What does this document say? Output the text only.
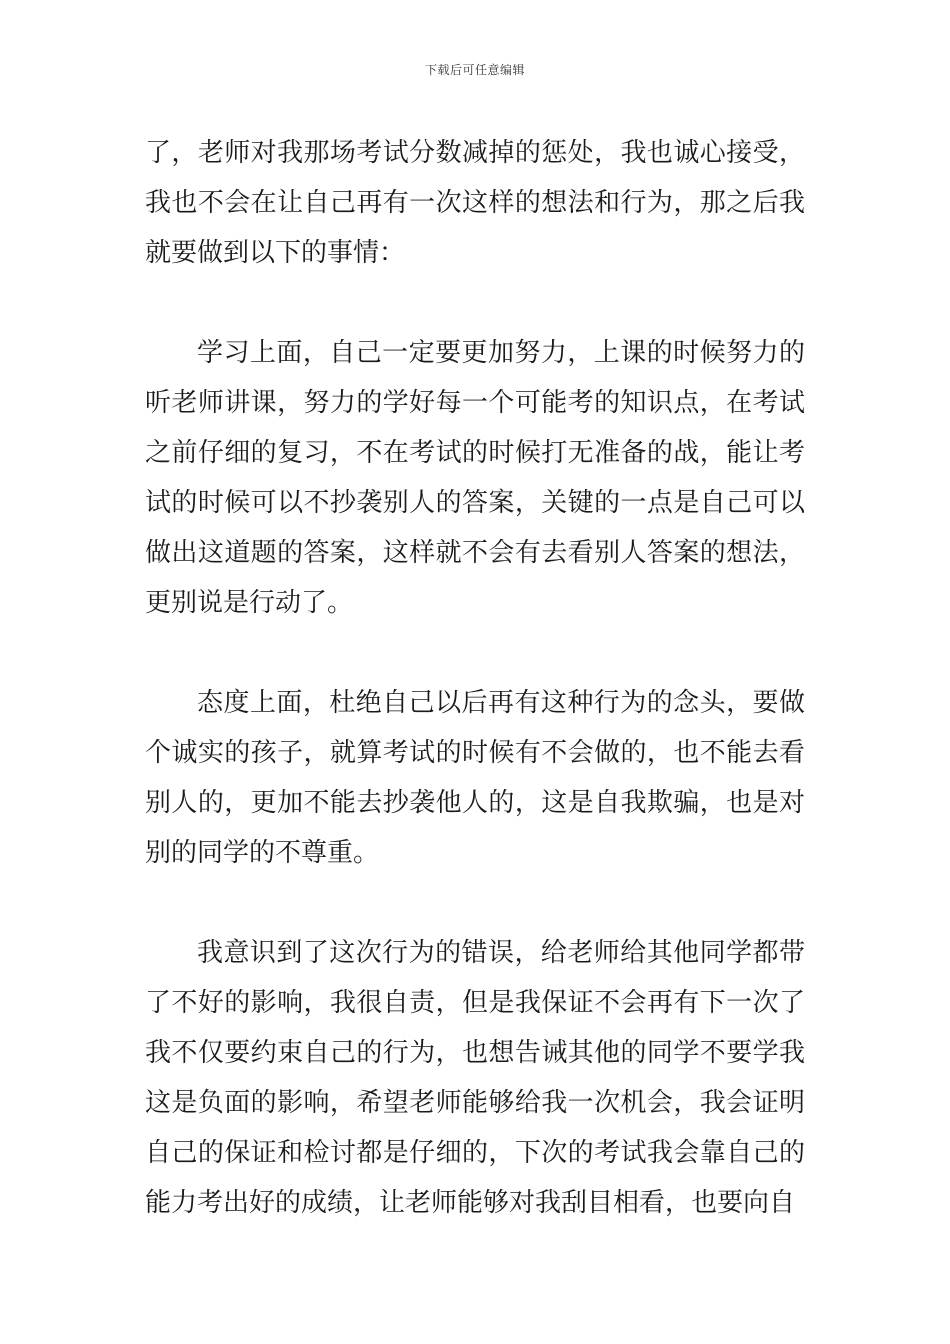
下载后可任意编辑

了，老师对我那场考试分数减掉的惩处，我也诚心接受，我也不会在让自己再有一次这样的想法和行为，那之后我就要做到以下的事情：

学习上面，自己一定要更加努力，上课的时候努力的听老师讲课，努力的学好每一个可能考的知识点，在考试之前仔细的复习，不在考试的时候打无准备的战，能让考试的时候可以不抄袭别人的答案，关键的一点是自己可以做出这道题的答案，这样就不会有去看别人答案的想法，更别说是行动了。

态度上面，杜绝自己以后再有这种行为的念头，要做个诚实的孩子，就算考试的时候有不会做的，也不能去看别人的，更加不能去抄袭他人的，这是自我欺骗，也是对别的同学的不尊重。

我意识到了这次行为的错误，给老师给其他同学都带了不好的影响，我很自责，但是我保证不会再有下一次了我不仅要约束自己的行为，也想告诫其他的同学不要学我这是负面的影响，希望老师能够给我一次机会，我会证明自己的保证和检讨都是仔细的，下次的考试我会靠自己的能力考出好的成绩，让老师能够对我刮目相看，也要向自
